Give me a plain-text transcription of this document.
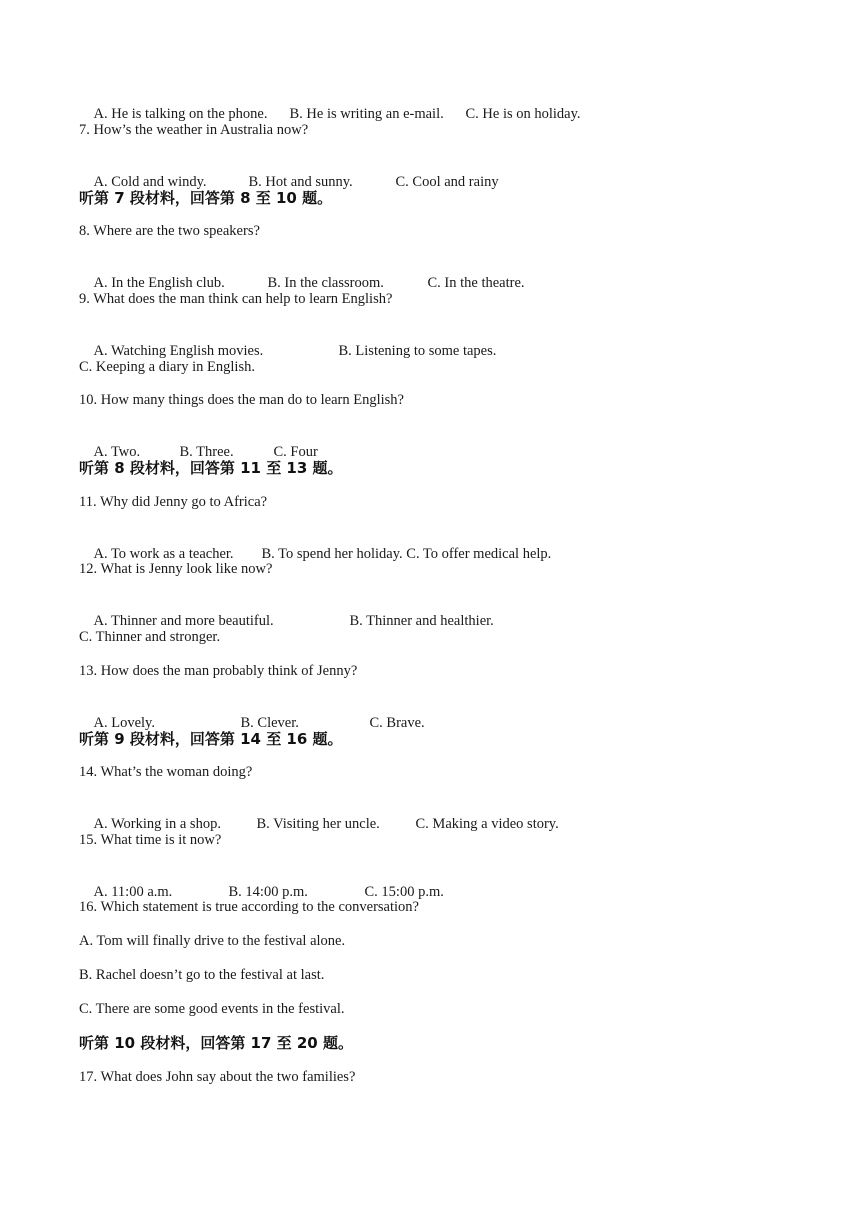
A. He is talking on the phone. B. He is writing an e-mail. C. He is on holiday.

7. How’s the weather in Australia now?

A. Cold and windy.	B. Hot and sunny.	C. Cool and rainy

听第 7 段材料，回答第 8 至 10 题。

8. Where are the two speakers?

A. In the English club.	B. In the classroom.	C. In the theatre.

9. What does the man think can help to learn English?

A. Watching English movies.	B. Listening to some tapes.

C. Keeping a diary in English.

10. How many things does the man do to learn English?

A. Two.	B. Three.	C. Four

听第 8 段材料，回答第 11 至 13 题。

11. Why did Jenny go to Africa?

A. To work as a teacher. B. To spend her holiday. C. To offer medical help.

12. What is Jenny look like now?

A. Thinner and more beautiful.	B. Thinner and healthier.

C. Thinner and stronger.

13. How does the man probably think of Jenny?

A. Lovely.	B. Clever.	C. Brave.

听第 9 段材料，回答第 14 至 16 题。

14. What’s the woman doing?

A. Working in a shop. B. Visiting her uncle. C. Making a video story.

15. What time is it now?

A. 11:00 a.m.	B. 14:00 p.m.	C. 15:00 p.m.

16. Which statement is true according to the conversation?

A. Tom will finally drive to the festival alone.

B. Rachel doesn’t go to the festival at last.

C. There are some good events in the festival.

听第 10 段材料，回答第 17 至 20 题。

17. What does John say about the two families?
